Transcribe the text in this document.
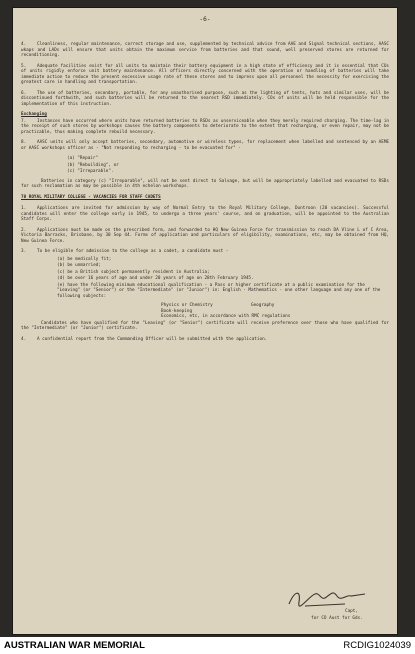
-6-

4.	Cleanliness, regular maintenance, correct storage and use, supplemented by technical advice from AAE and Signal technical sections, AASC wkaps and LADs will ensure that units obtain the maximum service from batteries and that sound, well preserved stores are returned for reconditioning.

5.	Adequate facilities exist for all units to maintain their battery equipment in a high state of efficiency and it is essential that COs of units rigidly enforce unit battery maintenance. All officers directly concerned with the operation or handling of batteries will take immediate action to reduce the present excessive usage rate of these stores and to impress upon all personnel the necessity for exercising the greatest care in handling and transportation.

6.	The use of batteries, secondary, portable, for any unauthorised purpose, such as the lighting of tents, huts and similar uses, will be discontinued forthwith, and such batteries will be returned to the nearest RSD immediately. COs of units will be held responsible for the implementation of this instruction.

Exchanging

7.	Instances have occurred where units have returned batteries to RSDs as unserviceable when they merely required charging. The time-lag in the receipt of such stores by workshops causes the battery components to deteriorate to the extent that recharging, or even repair, may not be practicable, thus making complete rebuild necessary.

8.	AASC units will only accept batteries, secondary, automotive or wireless types, for replacement when labelled and sentenced by an AEME or AASC workshops officer as - "Not responding to recharging - to be evacuated for" -

(a) "Repair"
(b) "Rebuilding", or
(c) "Irreparable".

Batteries in category (c) "Irreparable", will not be sent direct to Salvage, but will be appropriately labelled and evacuated to RSDs for such reclamation as may be possible in 4th echelon workshops.

70 ROYAL MILITARY COLLEGE - VACANCIES FOR STAFF CADETS

1.	Applications are invited for admission by way of Normal Entry to the Royal Military College, Duntroon (20 vacancies). Successful candidates will enter the college early in 1945, to undergo a three years' course, and on graduation, will be appointed to the Australian Staff Corps.

2.	Applications must be made on the prescribed form, and forwarded to HQ New Guinea Force for transmission to reach DA Vline L of C Area, Victoria Barracks, Brisbane, by 30 Sep 44. Forms of application and particulars of eligibility, examinations, etc, may be obtained from HQ, New Guinea Force.

3.	To be eligible for admission to the college as a cadet, a candidate must -

(a) be medically fit;
(b) be unmarried;
(c) be a British subject permanently resident in Australia;
(d) be over 16 years of age and under 20 years of age on 28th February 1945.
(e) have the following minimum educational qualification - a Pass or higher certificate at a public examination for the "Leaving" (or "Senior") or the "Intermediate" (or "Junior") in: English - Mathematics - one other language and any one of the following subjects:
Physics or Chemistry	Geography
Book-keeping
Economics, etc, in accordance with RMC regulations

Candidates who have qualified for the "Leaving" (or "Senior") certificate will receive preference over those who have qualified for the "Intermediate" (or "Junior") certificate.

4.	A confidential report from the Commanding Officer will be submitted with the application.

Capt,
for CO Aust for Gds.
AUSTRALIAN WAR MEMORIAL	RCDIG1024039
